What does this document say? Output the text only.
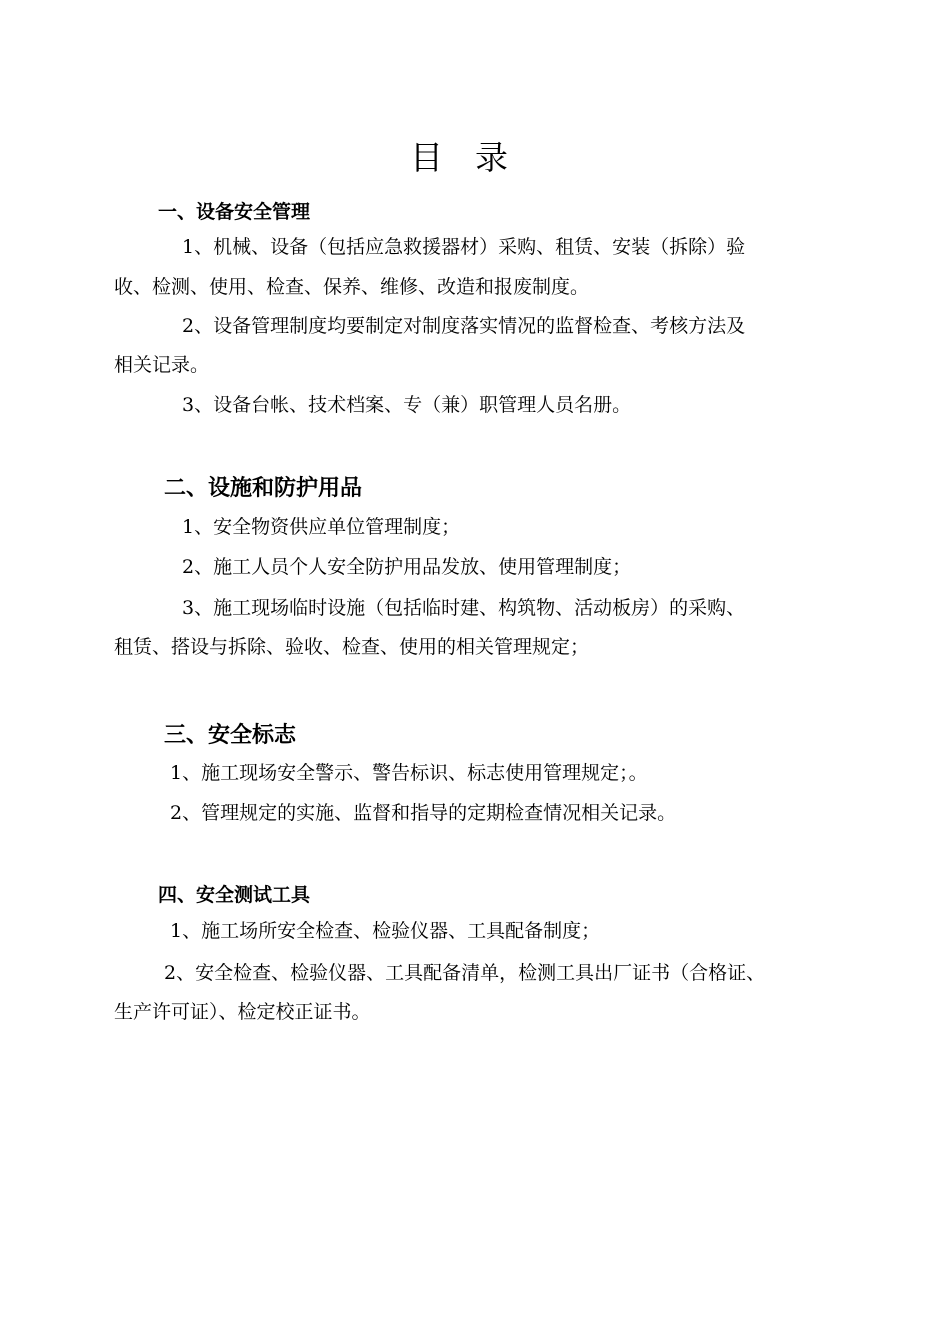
目录
一、设备安全管理
1、机械、设备（包括应急救援器材）采购、租赁、安装（拆除）验
收、检测、使用、检查、保养、维修、改造和报废制度。
2、设备管理制度均要制定对制度落实情况的监督检查、考核方法及
相关记录。
3、设备台帐、技术档案、专（兼）职管理人员名册。
二、设施和防护用品
1、安全物资供应单位管理制度；
2、施工人员个人安全防护用品发放、使用管理制度；
3、施工现场临时设施（包括临时建、构筑物、活动板房）的采购、
租赁、搭设与拆除、验收、检查、使用的相关管理规定；
三、安全标志
1、施工现场安全警示、警告标识、标志使用管理规定；。
2、管理规定的实施、监督和指导的定期检查情况相关记录。
四、安全测试工具
1、施工场所安全检查、检验仪器、工具配备制度；
2、安全检查、检验仪器、工具配备清单，检测工具出厂证书（合格证、
生产许可证）、检定校正证书。
